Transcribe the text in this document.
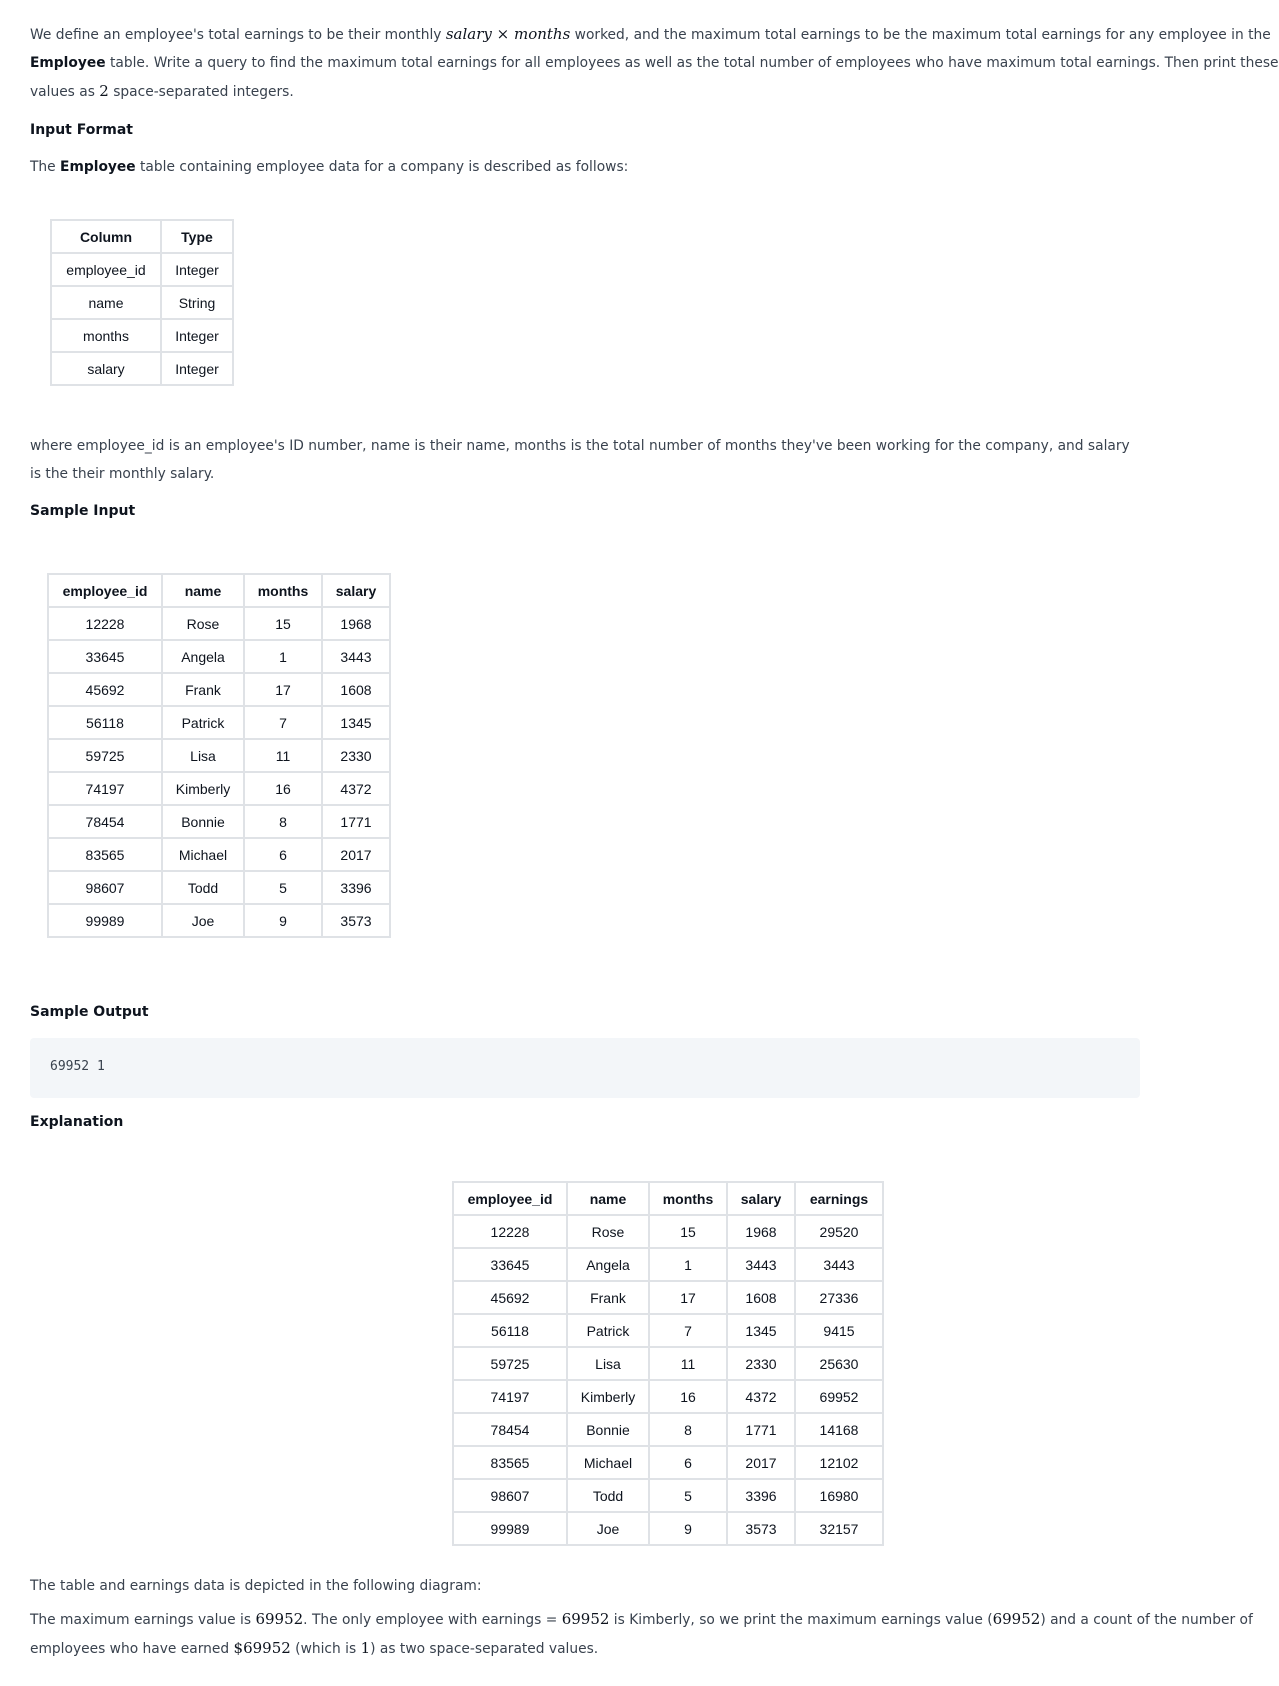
We define an employee's total earnings to be their monthly salary × months worked, and the maximum total earnings to be the maximum total earnings for any employee in the
Employee table. Write a query to find the maximum total earnings for all employees as well as the total number of employees who have maximum total earnings. Then print these
values as 2 space-separated integers.
Input Format
The Employee table containing employee data for a company is described as follows:
Column	Type
employee_id	Integer
name	String
months	Integer
salary	Integer
where employee_id is an employee's ID number, name is their name, months is the total number of months they've been working for the company, and salary is the their monthly salary.
Sample Input
employee_id	name	months	salary
12228	Rose	15	1968
33645	Angela	1	3443
45692	Frank	17	1608
56118	Patrick	7	1345
59725	Lisa	11	2330
74197	Kimberly	16	4372
78454	Bonnie	8	1771
83565	Michael	6	2017
98607	Todd	5	3396
99989	Joe	9	3573
Sample Output
69952 1
Explanation
employee_id	name	months	salary	earnings
12228	Rose	15	1968	29520
33645	Angela	1	3443	3443
45692	Frank	17	1608	27336
56118	Patrick	7	1345	9415
59725	Lisa	11	2330	25630
74197	Kimberly	16	4372	69952
78454	Bonnie	8	1771	14168
83565	Michael	6	2017	12102
98607	Todd	5	3396	16980
99989	Joe	9	3573	32157
The table and earnings data is depicted in the following diagram:
The maximum earnings value is 69952. The only employee with earnings = 69952 is Kimberly, so we print the maximum earnings value (69952) and a count of the number of
employees who have earned $69952 (which is 1) as two space-separated values.
